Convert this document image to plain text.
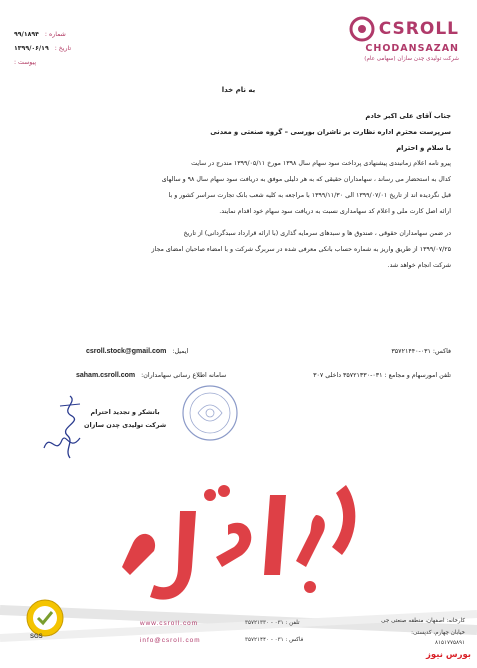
شماره :
۹۹/۱۸۹۴
تاریخ :
۱۳۹۹/۰۶/۱۹
پیوست :
CSROLL
CHODANSAZAN
شرکت تولیدی چدن سازان (سهامی عام)
به نام خدا

جناب آقای علی اکبر خادم

سرپرست محترم اداره نظارت بر ناشران بورسی – گروه صنعتی و معدنی

با سلام و احترام

پیرو نامه اعلام زمانبندی پیشنهادی پرداخت سود سهام سال ۱۳۹۸ مورخ ۱۳۹۹/۰۵/۱۱ مندرج در سایت

کدال به استحضار می رساند ، سهامداران حقیقی که به هر دلیلی موفق به دریافت سود سهام سال ۹۸ و سالهای

قبل نگردیده اند از تاریخ ۱۳۹۹/۰۷/۰۱ الی ۱۳۹۹/۱۱/۳۰ با مراجعه به کلیه شعب بانک تجارت سراسر کشور و با

ارائه اصل کارت ملی و اعلام کد سهامداری نسبت به دریافت سود سهام خود اقدام نمایند.

در ضمن سهامداران حقوقی ، صندوق ها و سبدهای سرمایه گذاری (با ارائه قرارداد سبدگردانی) از تاریخ

۱۳۹۹/۰۷/۲۵ از طریق واریز به شماره حساب بانکی معرفی شده در سربرگ شرکت و با امضاء صاحبان امضای مجاز

شرکت انجام خواهد شد.

فاکس: ۰۳۱-۳۵۷۲۱۴۴۰
ایمیل:
csroll.stock@gmail.com
تلفن امورسهام و مجامع : ۰۳۱-۳۵۷۲۱۳۳۰ داخلی ۳۰۷
سامانه اطلاع رسانی سهامداران:
saham.csroll.com
باتشکر و تجدید احترام
شرکت تولیدی چدن سازان
SGS
www.csroll.com
info@csroll.com
تلفن : ۰۳۱ - ۳۵۷۲۱۳۳۰
فاکس : ۰۳۱ - ۳۵۷۲۱۴۴۰
کارخانه: اصفهان، منطقه صنعتی جی
خیابان چهارم، کدپستی:
۸۱۵۱۷۷۵۸۹۱
بورس نیوز
